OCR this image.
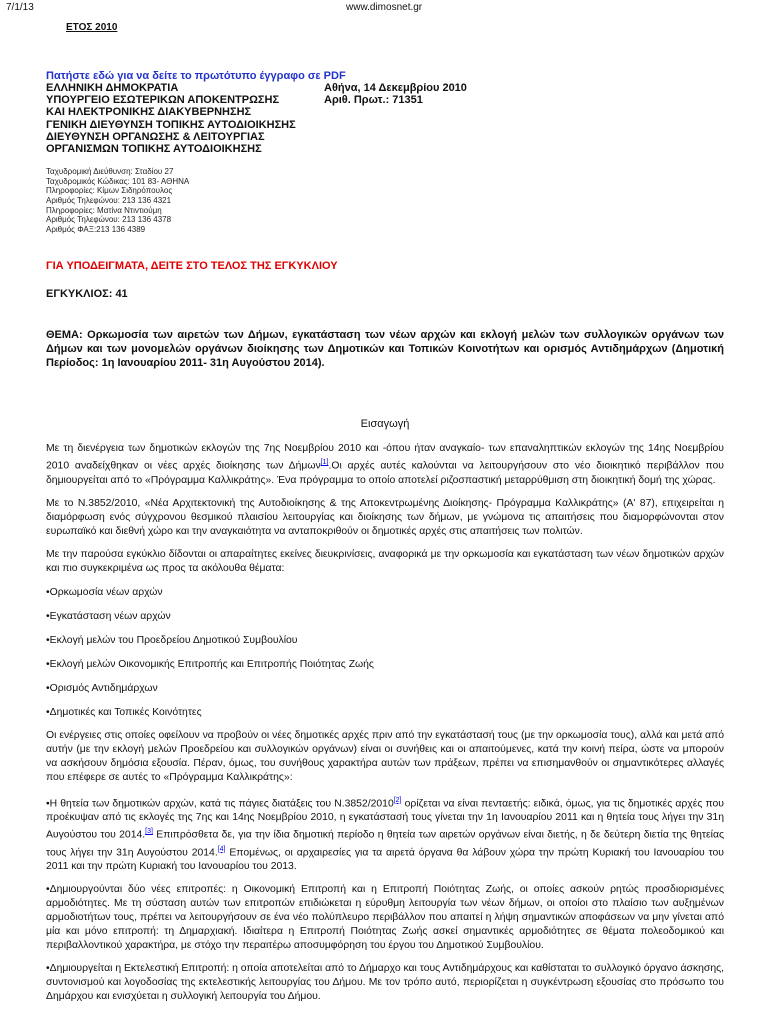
7/1/13	www.dimosnet.gr
ΕΤΟΣ 2010
Πατήστε εδώ για να δείτε το πρωτότυπο έγγραφο σε PDF
ΕΛΛΗΝΙΚΗ ΔΗΜΟΚΡΑΤΙΑ
ΥΠΟΥΡΓΕΙΟ ΕΣΩΤΕΡΙΚΩΝ ΑΠΟΚΕΝΤΡΩΣΗΣ
ΚΑΙ ΗΛΕΚΤΡΟΝΙΚΗΣ ΔΙΑΚΥΒΕΡΝΗΣΗΣ
ΓΕΝΙΚΗ ΔΙΕΥΘΥΝΣΗ ΤΟΠΙΚΗΣ ΑΥΤΟΔΙΟΙΚΗΣΗΣ
ΔΙΕΥΘΥΝΣΗ ΟΡΓΑΝΩΣΗΣ & ΛΕΙΤΟΥΡΓΙΑΣ
ΟΡΓΑΝΙΣΜΩΝ ΤΟΠΙΚΗΣ ΑΥΤΟΔΙΟΙΚΗΣΗΣ
Αθήνα, 14 Δεκεμβρίου 2010
Αριθ. Πρωτ.: 71351
Ταχυδρομική Διεύθυνση: Σταδίου 27
Ταχυδρομικός Κώδικας: 101 83- ΑΘΗΝΑ
Πληροφορίες: Κίμων Σιδηρόπουλος
Αριθμός Τηλεφώνου: 213 136 4321
Πληροφορίες: Ματίνα Ντιντιούμη
Αριθμός Τηλεφώνου: 213 136 4378
Αριθμός ΦΑΞ:213 136 4389
ΓΙΑ ΥΠΟΔΕΙΓΜΑΤΑ, ΔΕΙΤΕ ΣΤΟ ΤΕΛΟΣ ΤΗΣ ΕΓΚΥΚΛΙΟΥ
ΕΓΚΥΚΛΙΟΣ: 41
ΘΕΜΑ: Ορκωμοσία των αιρετών των Δήμων, εγκατάσταση των νέων αρχών και εκλογή μελών των συλλογικών οργάνων των Δήμων και των μονομελών οργάνων διοίκησης των Δημοτικών και Τοπικών Κοινοτήτων και ορισμός Αντιδημάρχων (Δημοτική Περίοδος: 1η Ιανουαρίου 2011- 31η Αυγούστου 2014).
Εισαγωγή

Με τη διενέργεια των δημοτικών εκλογών της 7ης Νοεμβρίου 2010 και -όπου ήταν αναγκαίο- των επαναληπτικών εκλογών της 14ης Νοεμβρίου 2010 αναδείχθηκαν οι νέες αρχές διοίκησης των Δήμων[1].Οι αρχές αυτές καλούνται να λειτουργήσουν στο νέο διοικητικό περιβάλλον που δημιουργείται από το «Πρόγραμμα Καλλικράτης». Ένα πρόγραμμα το οποίο αποτελεί ριζοσπαστική μεταρρύθμιση στη διοικητική δομή της χώρας.

Με το Ν.3852/2010, «Νέα Αρχιτεκτονική της Αυτοδιοίκησης & της Αποκεντρωμένης Διοίκησης- Πρόγραμμα Καλλικράτης» (Α' 87), επιχειρείται η διαμόρφωση ενός σύγχρονου θεσμικού πλαισίου λειτουργίας και διοίκησης των δήμων, με γνώμονα τις απαιτήσεις που διαμορφώνονται στον ευρωπαϊκό και διεθνή χώρο και την αναγκαιότητα να ανταποκριθούν οι δημοτικές αρχές στις απαιτήσεις των πολιτών.

Με την παρούσα εγκύκλιο δίδονται οι απαραίτητες εκείνες διευκρινίσεις, αναφορικά με την ορκωμοσία και εγκατάσταση των νέων δημοτικών αρχών και πιο συγκεκριμένα ως προς τα ακόλουθα θέματα:

•Ορκωμοσία νέων αρχών

•Εγκατάσταση νέων αρχών

•Εκλογή μελών του Προεδρείου Δημοτικού Συμβουλίου

•Εκλογή μελών Οικονομικής Επιτροπής και Επιτροπής Ποιότητας Ζωής

•Ορισμός Αντιδημάρχων

•Δημοτικές και Τοπικές Κοινότητες

Οι ενέργειες στις οποίες οφείλουν να προβούν οι νέες δημοτικές αρχές πριν από την εγκατάστασή τους (με την ορκωμοσία τους), αλλά και μετά από αυτήν (με την εκλογή μελών Προεδρείου και συλλογικών οργάνων) είναι οι συνήθεις και οι απαιτούμενες, κατά την κοινή πείρα, ώστε να μπορούν να ασκήσουν δημόσια εξουσία. Πέραν, όμως, του συνήθους χαρακτήρα αυτών των πράξεων, πρέπει να επισημανθούν οι σημαντικότερες αλλαγές που επέφερε σε αυτές το «Πρόγραμμα Καλλικράτης»:

•Η θητεία των δημοτικών αρχών, κατά τις πάγιες διατάξεις του Ν.3852/2010[2] ορίζεται να είναι πενταετής: ειδικά, όμως, για τις δημοτικές αρχές που προέκυψαν από τις εκλογές της 7ης και 14ης Νοεμβρίου 2010, η εγκατάστασή τους γίνεται την 1η Ιανουαρίου 2011 και η θητεία τους λήγει την 31η Αυγούστου του 2014.[3] Επιπρόσθετα δε, για την ίδια δημοτική περίοδο η θητεία των αιρετών οργάνων είναι διετής, η δε δεύτερη διετία της θητείας τους λήγει την 31η Αυγούστου 2014.[4] Επομένως, οι αρχαιρεσίες για τα αιρετά όργανα θα λάβουν χώρα την πρώτη Κυριακή του Ιανουαρίου του 2011 και την πρώτη Κυριακή του Ιανουαρίου του 2013.

•Δημιουργούνται δύο νέες επιτροπές: η Οικονομική Επιτροπή και η Επιτροπή Ποιότητας Ζωής, οι οποίες ασκούν ρητώς προσδιορισμένες αρμοδιότητες. Με τη σύσταση αυτών των επιτροπών επιδιώκεται η εύρυθμη λειτουργία των νέων δήμων, οι οποίοι στο πλαίσιο των αυξημένων αρμοδιοτήτων τους, πρέπει να λειτουργήσουν σε ένα νέο πολύπλευρο περιβάλλον που απαιτεί η λήψη σημαντικών αποφάσεων να μην γίνεται από μία και μόνο επιτροπή: τη Δημαρχιακή. Ιδιαίτερα η Επιτροπή Ποιότητας Ζωής ασκεί σημαντικές αρμοδιότητες σε θέματα πολεοδομικού και περιβαλλοντικού χαρακτήρα, με στόχο την περαιτέρω αποσυμφόρηση του έργου του Δημοτικού Συμβουλίου.

•Δημιουργείται η Εκτελεστική Επιτροπή: η οποία αποτελείται από το Δήμαρχο και τους Αντιδημάρχους και καθίσταται το συλλογικό όργανο άσκησης, συντονισμού και λογοδοσίας της εκτελεστικής λειτουργίας του Δήμου. Με τον τρόπο αυτό, περιορίζεται η συγκέντρωση εξουσίας στο πρόσωπο του Δημάρχου και ενισχύεται η συλλογική λειτουργία του Δήμου.
